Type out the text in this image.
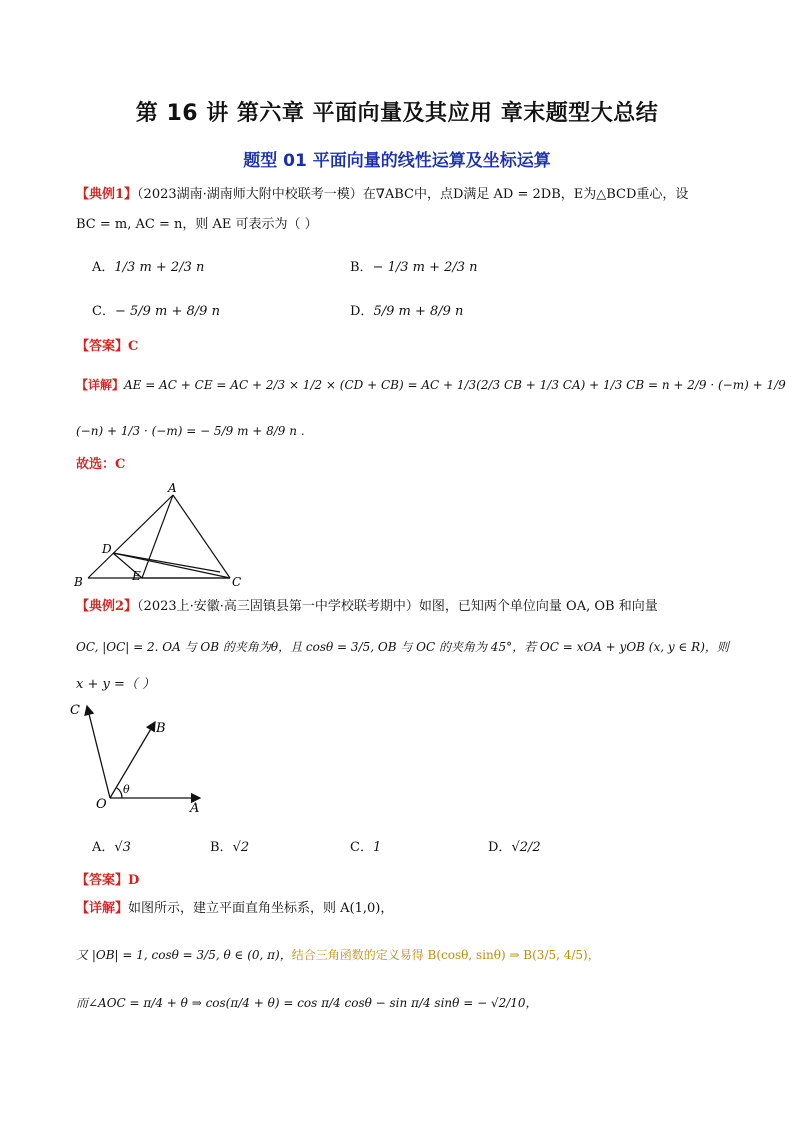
第 16 讲 第六章 平面向量及其应用 章末题型大总结
题型 01 平面向量的线性运算及坐标运算
【典例1】（2023湖南·湖南师大附中校联考一模）在∇ABC中，点D满足 AD = 2DB，E为△BCD重心，设
BC = m, AC = n，则 AE 可表示为（ ）
A．1/3 m + 2/3 n	B．− 1/3 m + 2/3 n
C．− 5/9 m + 8/9 n	D．5/9 m + 8/9 n
【答案】C
【详解】AE = AC + CE = AC + 2/3 × 1/2 × (CD + CB) = AC + 1/3(2/3 CB + 1/3 CA) + 1/3 CB = n + 2/9 · (−m) + 1/9
(−n) + 1/3 · (−m) = − 5/9 m + 8/9 n .
故选：C
A
D
B	E	C
【典例2】（2023上·安徽·高三固镇县第一中学校联考期中）如图，已知两个单位向量 OA, OB 和向量
OC, |OC| = 2. OA 与 OB 的夹角为θ，且 cosθ = 3/5, OB 与 OC 的夹角为 45°，若 OC = xOA + yOB (x, y ∈ R)，则
x + y =（ ）
C
B
θ
O	A
A．√3	B．√2	C．1	D．√2/2
【答案】D
【详解】如图所示，建立平面直角坐标系，则 A(1,0)，
又 |OB| = 1, cosθ = 3/5, θ ∈ (0, π)，结合三角函数的定义易得 B(cosθ, sinθ) ⇒ B(3/5, 4/5)，
而∠AOC = π/4 + θ ⇒ cos(π/4 + θ) = cos π/4 cosθ − sin π/4 sinθ = − √2/10，
